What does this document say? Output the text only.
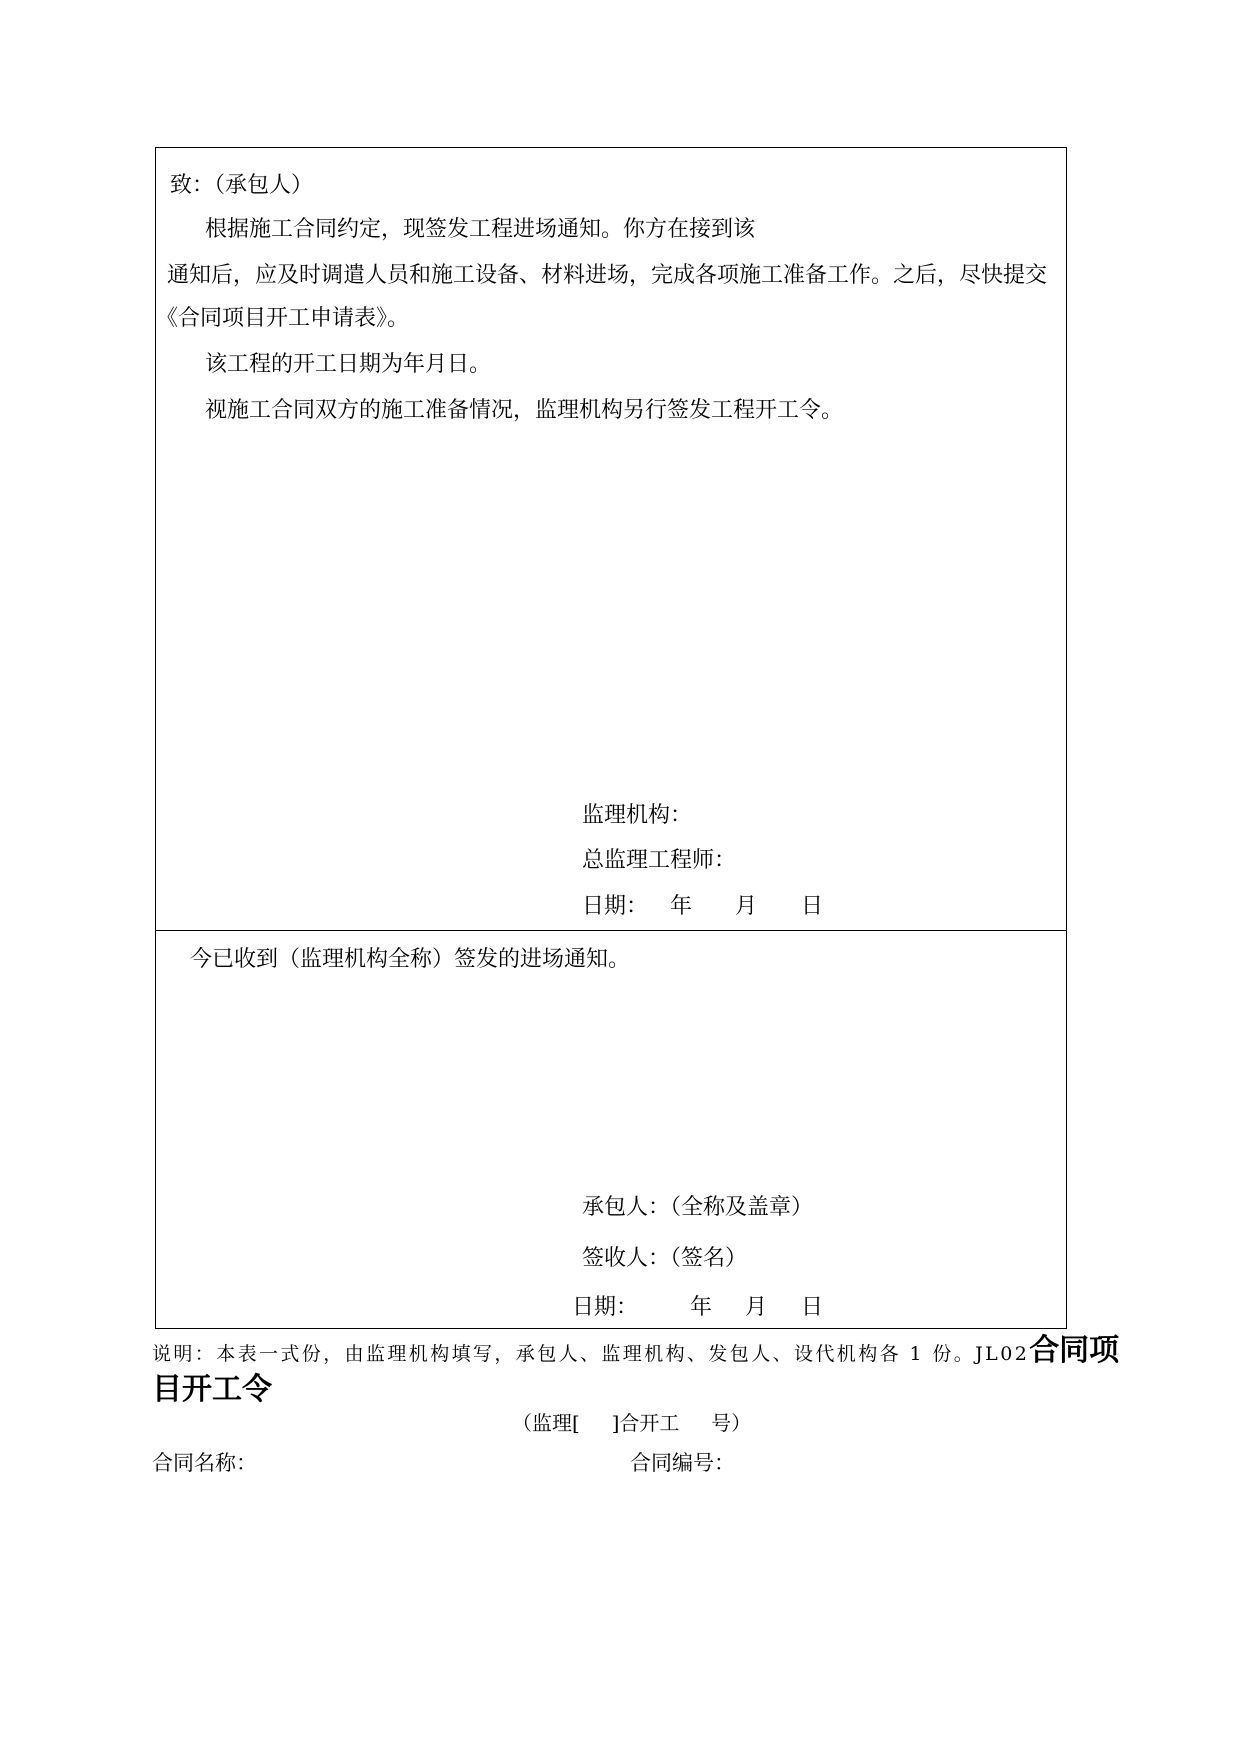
致：（承包人）
根据施工合同约定，现签发工程进场通知。你方在接到该
通知后，应及时调遣人员和施工设备、材料进场，完成各项施工准备工作。之后，尽快提交
《合同项目开工申请表》。
该工程的开工日期为年月日。
视施工合同双方的施工准备情况，监理机构另行签发工程开工令。
监理机构：
总监理工程师：
日期： 年 月 日
今已收到（监理机构全称）签发的进场通知。
承包人：（全称及盖章）
签收人：（签名）
日期： 年 月 日
说明：本表一式份，由监理机构填写，承包人、监理机构、发包人、设代机构各 1 份。JL02合同项
目开工令
（监理[     ]合开工     号）
合同名称：	合同编号：
